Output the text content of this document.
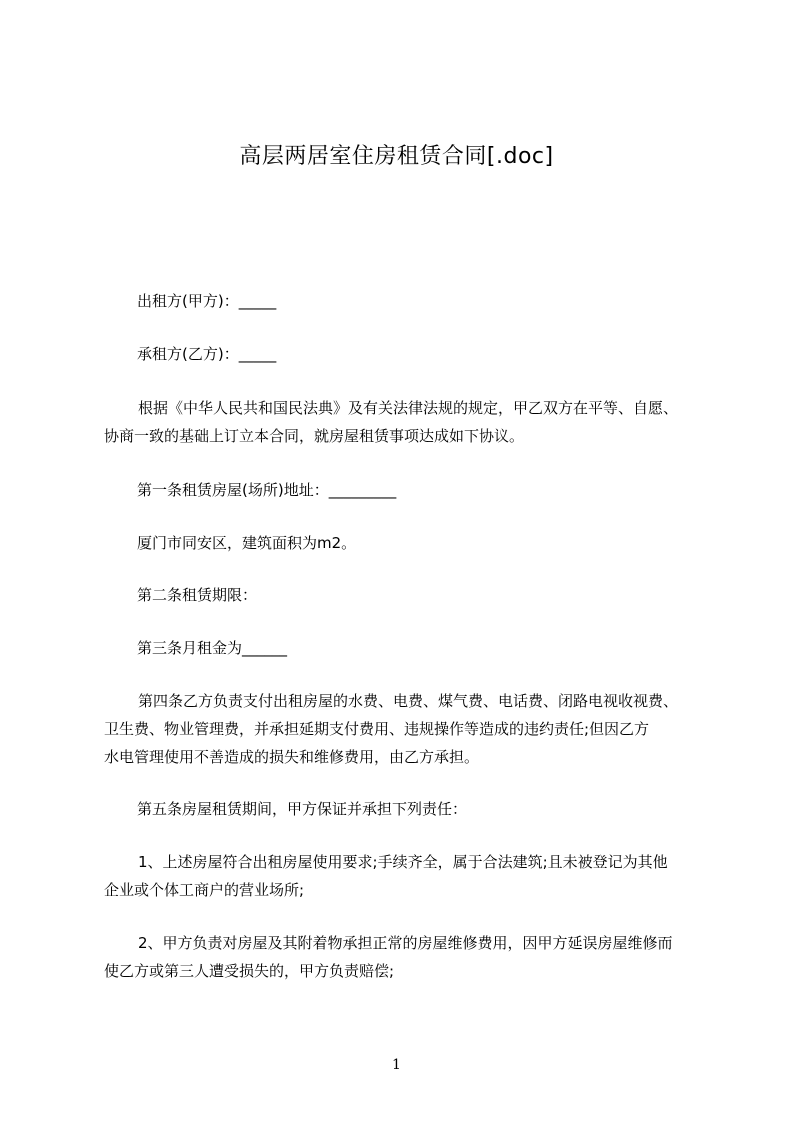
高层两居室住房租赁合同[.doc]

出租方(甲方)：_____

承租方(乙方)：_____

根据《中华人民共和国民法典》及有关法律法规的规定，甲乙双方在平等、自愿、
协商一致的基础上订立本合同，就房屋租赁事项达成如下协议。

第一条租赁房屋(场所)地址：_________

厦门市同安区，建筑面积为m2。

第二条租赁期限：

第三条月租金为______

第四条乙方负责支付出租房屋的水费、电费、煤气费、电话费、闭路电视收视费、
卫生费、物业管理费，并承担延期支付费用、违规操作等造成的违约责任;但因乙方
水电管理使用不善造成的损失和维修费用，由乙方承担。

第五条房屋租赁期间，甲方保证并承担下列责任：

1、上述房屋符合出租房屋使用要求;手续齐全，属于合法建筑;且未被登记为其他
企业或个体工商户的营业场所;

2、甲方负责对房屋及其附着物承担正常的房屋维修费用，因甲方延误房屋维修而
使乙方或第三人遭受损失的，甲方负责赔偿;

1
